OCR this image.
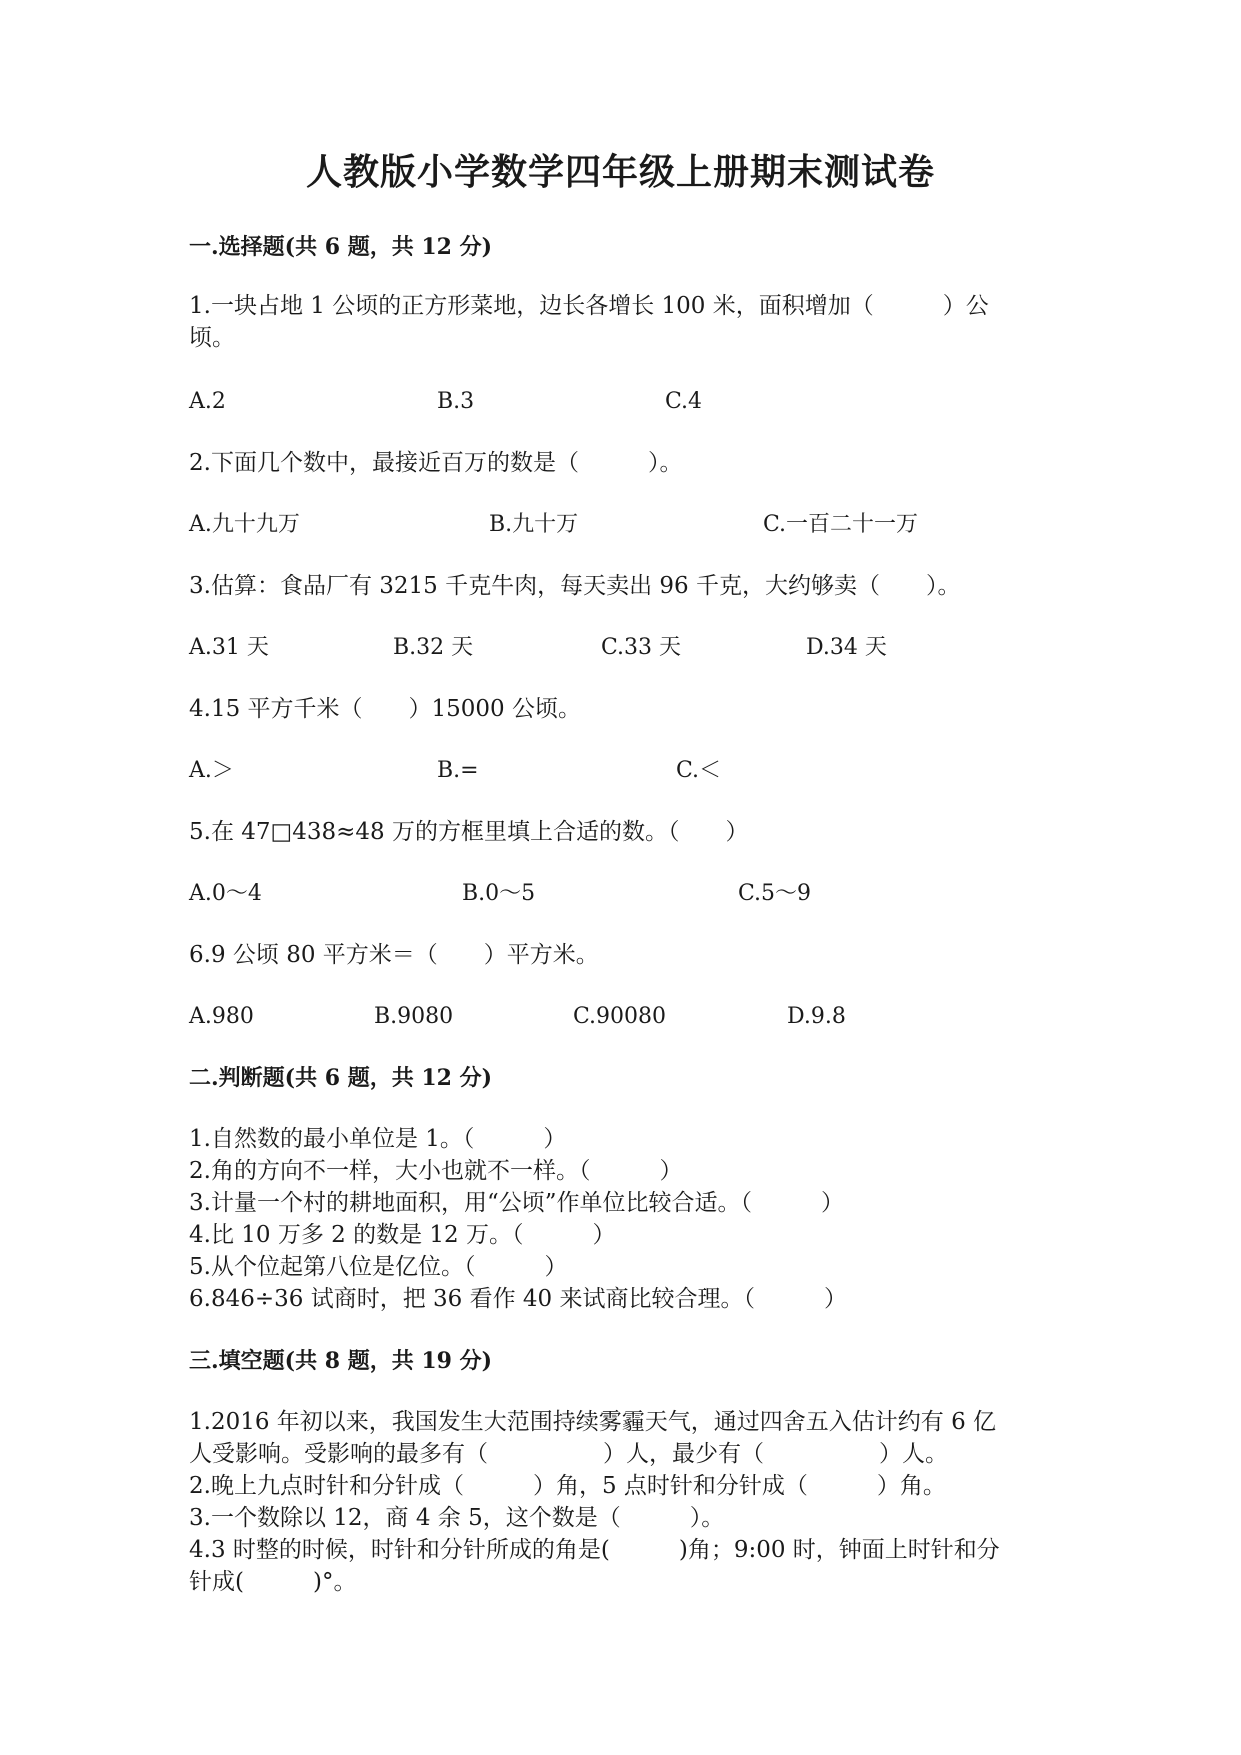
人教版小学数学四年级上册期末测试卷
一.选择题(共 6 题，共 12 分)
1.一块占地 1 公顷的正方形菜地，边长各增长 100 米，面积增加（　　　）公
顷。
A.2	B.3	C.4
2.下面几个数中，最接近百万的数是（　　　）。
A.九十九万	B.九十万	C.一百二十一万
3.估算：食品厂有 3215 千克牛肉，每天卖出 96 千克，大约够卖（　　）。
A.31 天	B.32 天	C.33 天	D.34 天
4.15 平方千米（　　）15000 公顷。
A.＞	B.=	C.＜
5.在 47□438≈48 万的方框里填上合适的数。（　　）
A.0～4	B.0～5	C.5～9
6.9 公顷 80 平方米＝（　　）平方米。
A.980	B.9080	C.90080	D.9.8
二.判断题(共 6 题，共 12 分)
1.自然数的最小单位是 1。（　　　）
2.角的方向不一样，大小也就不一样。（　　　）
3.计量一个村的耕地面积，用“公顷”作单位比较合适。（　　　）
4.比 10 万多 2 的数是 12 万。（　　　）
5.从个位起第八位是亿位。（　　　）
6.846÷36 试商时，把 36 看作 40 来试商比较合理。（　　　）
三.填空题(共 8 题，共 19 分)
1.2016 年初以来，我国发生大范围持续雾霾天气，通过四舍五入估计约有 6 亿
人受影响。受影响的最多有（　　　　　）人，最少有（　　　　　）人。
2.晚上九点时针和分针成（　　　）角，5 点时针和分针成（　　　）角。
3.一个数除以 12，商 4 余 5，这个数是（　　　）。
4.3 时整的时候，时针和分针所成的角是(　　　)角；9:00 时，钟面上时针和分
针成(　　　)°。
